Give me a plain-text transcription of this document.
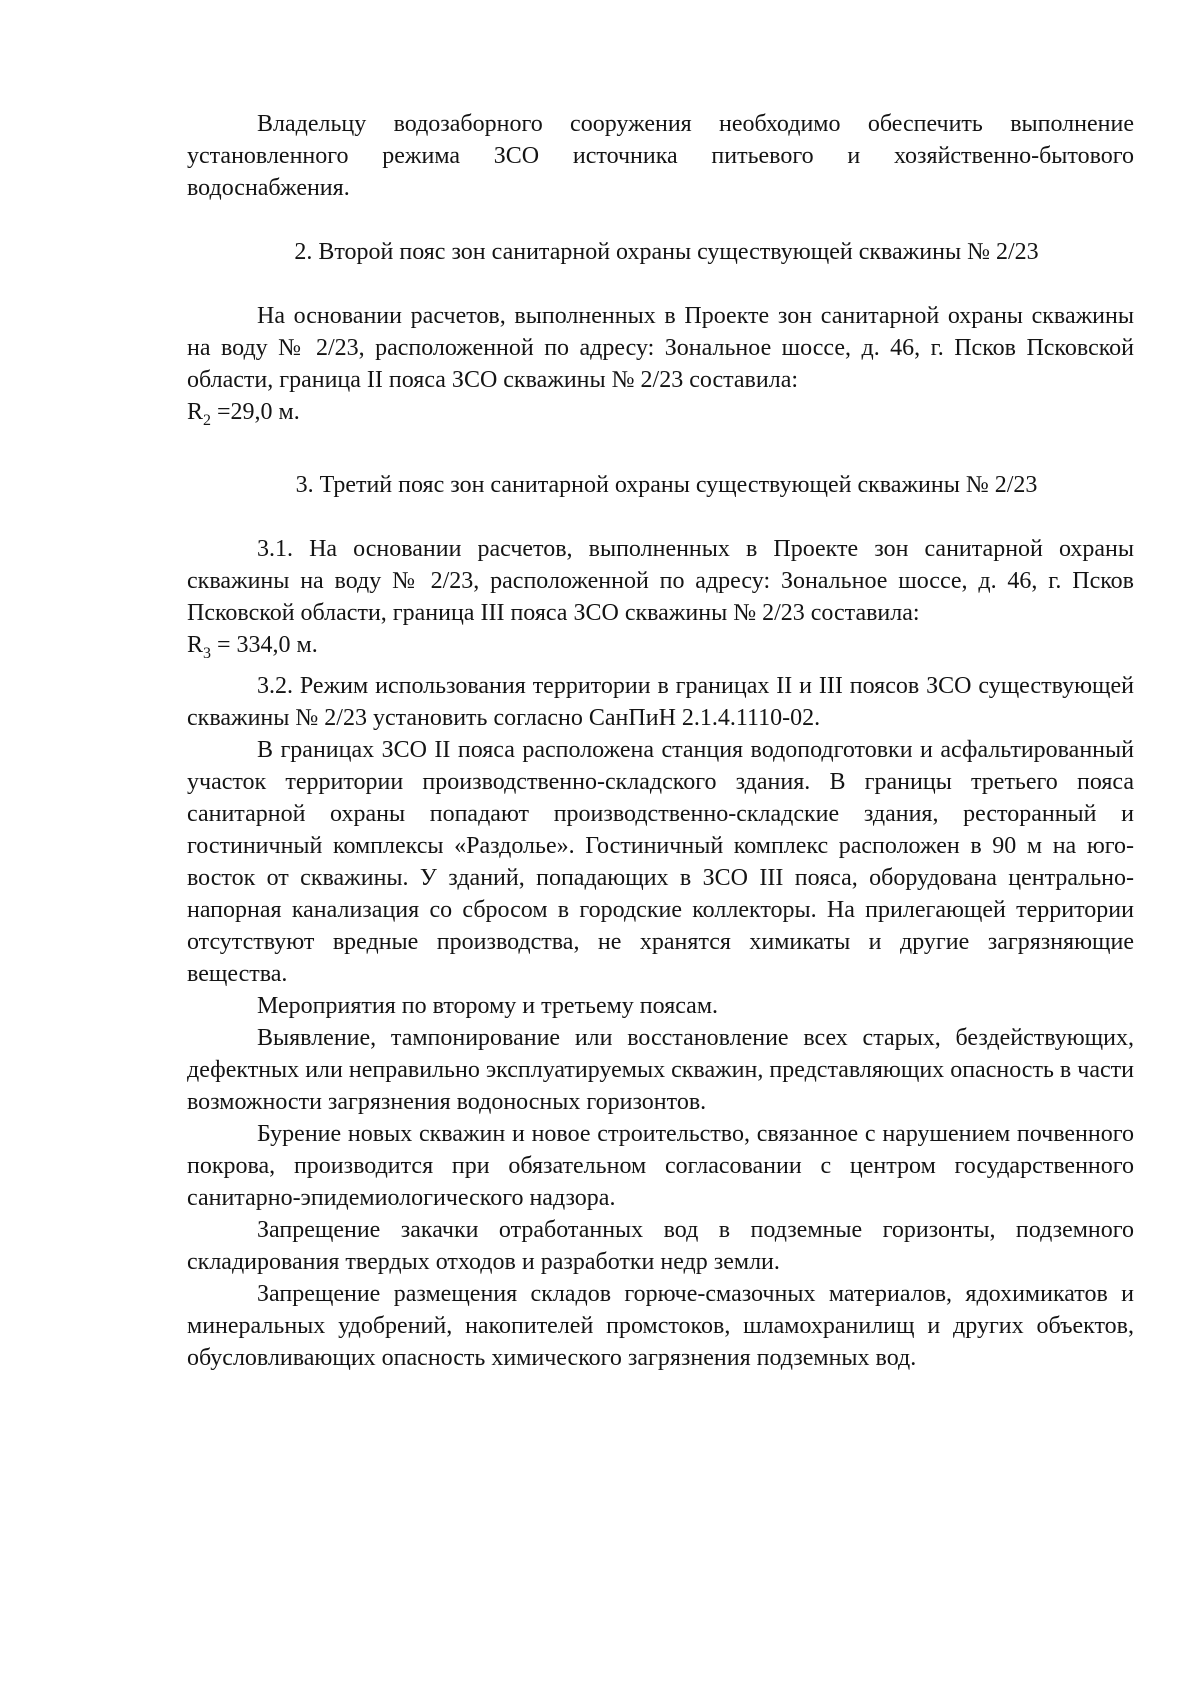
Владельцу водозаборного сооружения необходимо обеспечить выполнение установленного режима ЗСО источника питьевого и хозяйственно-бытового водоснабжения.

2. Второй пояс зон санитарной охраны существующей скважины № 2/23

На основании расчетов, выполненных в Проекте зон санитарной охраны скважины на воду № 2/23, расположенной по адресу: Зональное шоссе, д. 46, г. Псков Псковской области, граница II пояса ЗСО скважины № 2/23 составила:

$R_2 =29,0$ м.

3. Третий пояс зон санитарной охраны существующей скважины № 2/23

3.1. На основании расчетов, выполненных в Проекте зон санитарной охраны скважины на воду № 2/23, расположенной по адресу: Зональное шоссе, д. 46, г. Псков Псковской области, граница III пояса ЗСО скважины № 2/23 составила:

$R_3 = 334,0$ м.

3.2. Режим использования территории в границах II и III поясов ЗСО существующей скважины № 2/23 установить согласно СанПиН 2.1.4.1110-02.

В границах ЗСО II пояса расположена станция водоподготовки и асфальтированный участок территории производственно-складского здания. В границы третьего пояса санитарной охраны попадают производственно-складские здания, ресторанный и гостиничный комплексы «Раздолье». Гостиничный комплекс расположен в 90 м на юго-восток от скважины. У зданий, попадающих в ЗСО III пояса, оборудована центрально-напорная канализация со сбросом в городские коллекторы. На прилегающей территории отсутствуют вредные производства, не хранятся химикаты и другие загрязняющие вещества.

Мероприятия по второму и третьему поясам.

Выявление, тампонирование или восстановление всех старых, бездействующих, дефектных или неправильно эксплуатируемых скважин, представляющих опасность в части возможности загрязнения водоносных горизонтов.

Бурение новых скважин и новое строительство, связанное с нарушением почвенного покрова, производится при обязательном согласовании с центром государственного санитарно-эпидемиологического надзора.

Запрещение закачки отработанных вод в подземные горизонты, подземного складирования твердых отходов и разработки недр земли.

Запрещение размещения складов горюче-смазочных материалов, ядохимикатов и минеральных удобрений, накопителей промстоков, шламохранилищ и других объектов, обусловливающих опасность химического загрязнения подземных вод.
